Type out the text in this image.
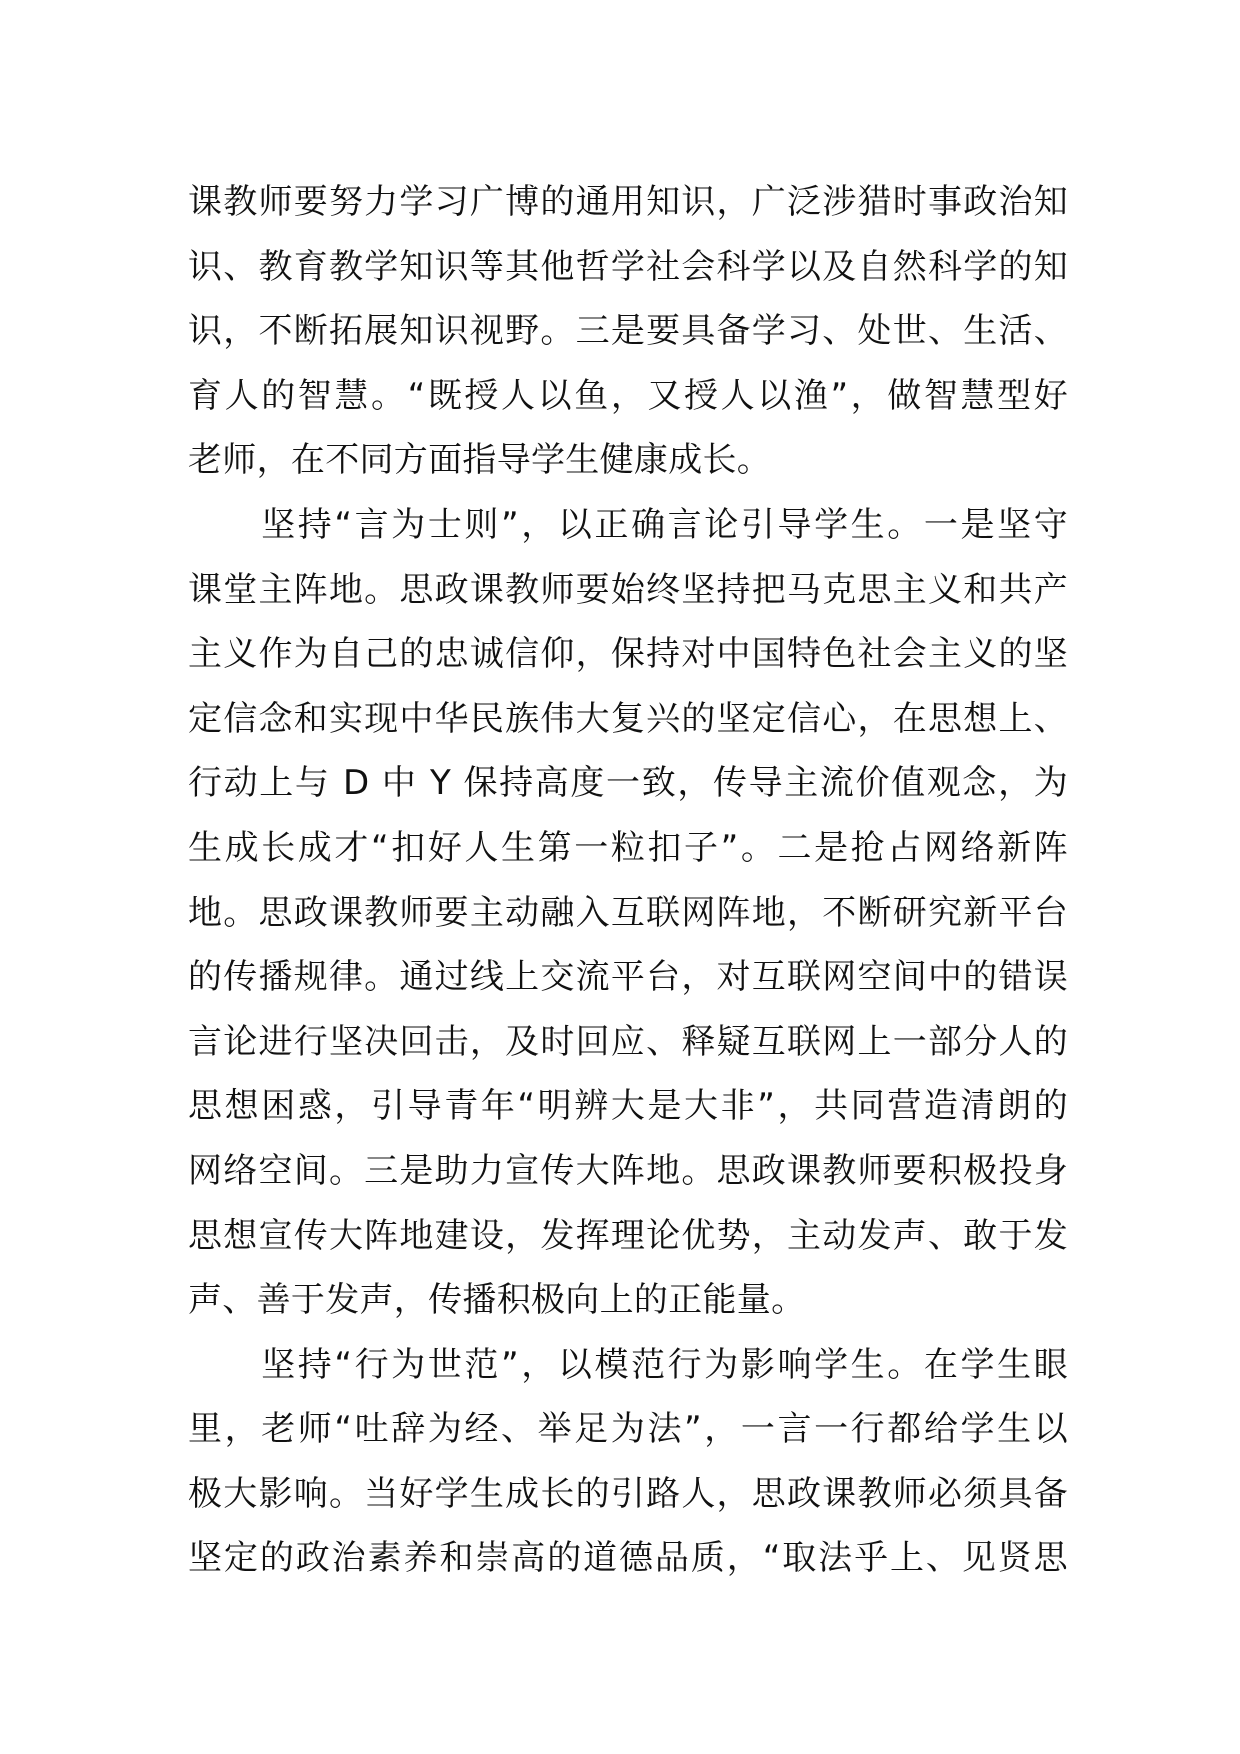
课教师要努力学习广博的通用知识，广泛涉猎时事政治知
识、教育教学知识等其他哲学社会科学以及自然科学的知
识，不断拓展知识视野。三是要具备学习、处世、生活、
育人的智慧。“既授人以鱼，又授人以渔”，做智慧型好
老师，在不同方面指导学生健康成长。
　　坚持“言为士则”，以正确言论引导学生。一是坚守
课堂主阵地。思政课教师要始终坚持把马克思主义和共产
主义作为自己的忠诚信仰，保持对中国特色社会主义的坚
定信念和实现中华民族伟大复兴的坚定信心，在思想上、
行动上与 D 中 Y 保持高度一致，传导主流价值观念，为
生成长成才“扣好人生第一粒扣子”。二是抢占网络新阵
地。思政课教师要主动融入互联网阵地，不断研究新平台
的传播规律。通过线上交流平台，对互联网空间中的错误
言论进行坚决回击，及时回应、释疑互联网上一部分人的
思想困惑，引导青年“明辨大是大非”，共同营造清朗的
网络空间。三是助力宣传大阵地。思政课教师要积极投身
思想宣传大阵地建设，发挥理论优势，主动发声、敢于发
声、善于发声，传播积极向上的正能量。
　　坚持“行为世范”，以模范行为影响学生。在学生眼
里，老师“吐辞为经、举足为法”，一言一行都给学生以
极大影响。当好学生成长的引路人，思政课教师必须具备
坚定的政治素养和崇高的道德品质，“取法乎上、见贤思
